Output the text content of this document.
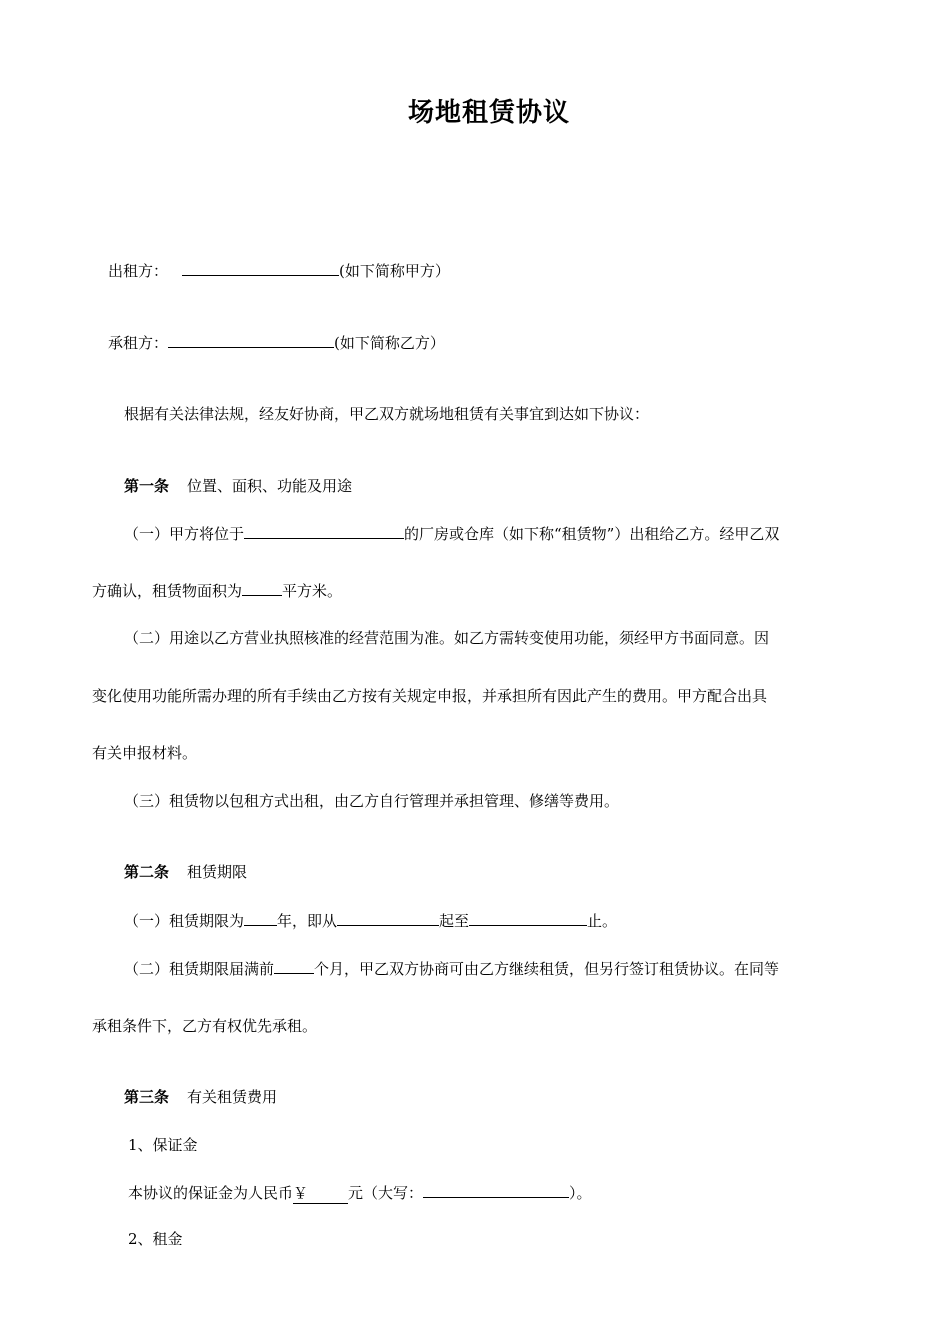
场地租赁协议
出租方：	(如下简称甲方）
承租方：	(如下简称乙方）
根据有关法律法规，经友好协商，甲乙双方就场地租赁有关事宜到达如下协议：
第一条 位置、面积、功能及用途
（一）甲方将位于	的厂房或仓库（如下称“租赁物”）出租给乙方。经甲乙双
方确认，租赁物面积为	平方米。
（二）用途以乙方营业执照核准的经营范围为准。如乙方需转变使用功能，须经甲方书面同意。因
变化使用功能所需办理的所有手续由乙方按有关规定申报，并承担所有因此产生的费用。甲方配合出具
有关申报材料。
（三）租赁物以包租方式出租，由乙方自行管理并承担管理、修缮等费用。
第二条 租赁期限
（一）租赁期限为 年，即从	起至	止。
（二）租赁期限届满前	个月，甲乙双方协商可由乙方继续租赁，但另行签订租赁协议。在同等
承租条件下，乙方有权优先承租。
第三条 有关租赁费用
1、保证金
本协议的保证金为人民币￥	元（大写：	）。
2、租金
